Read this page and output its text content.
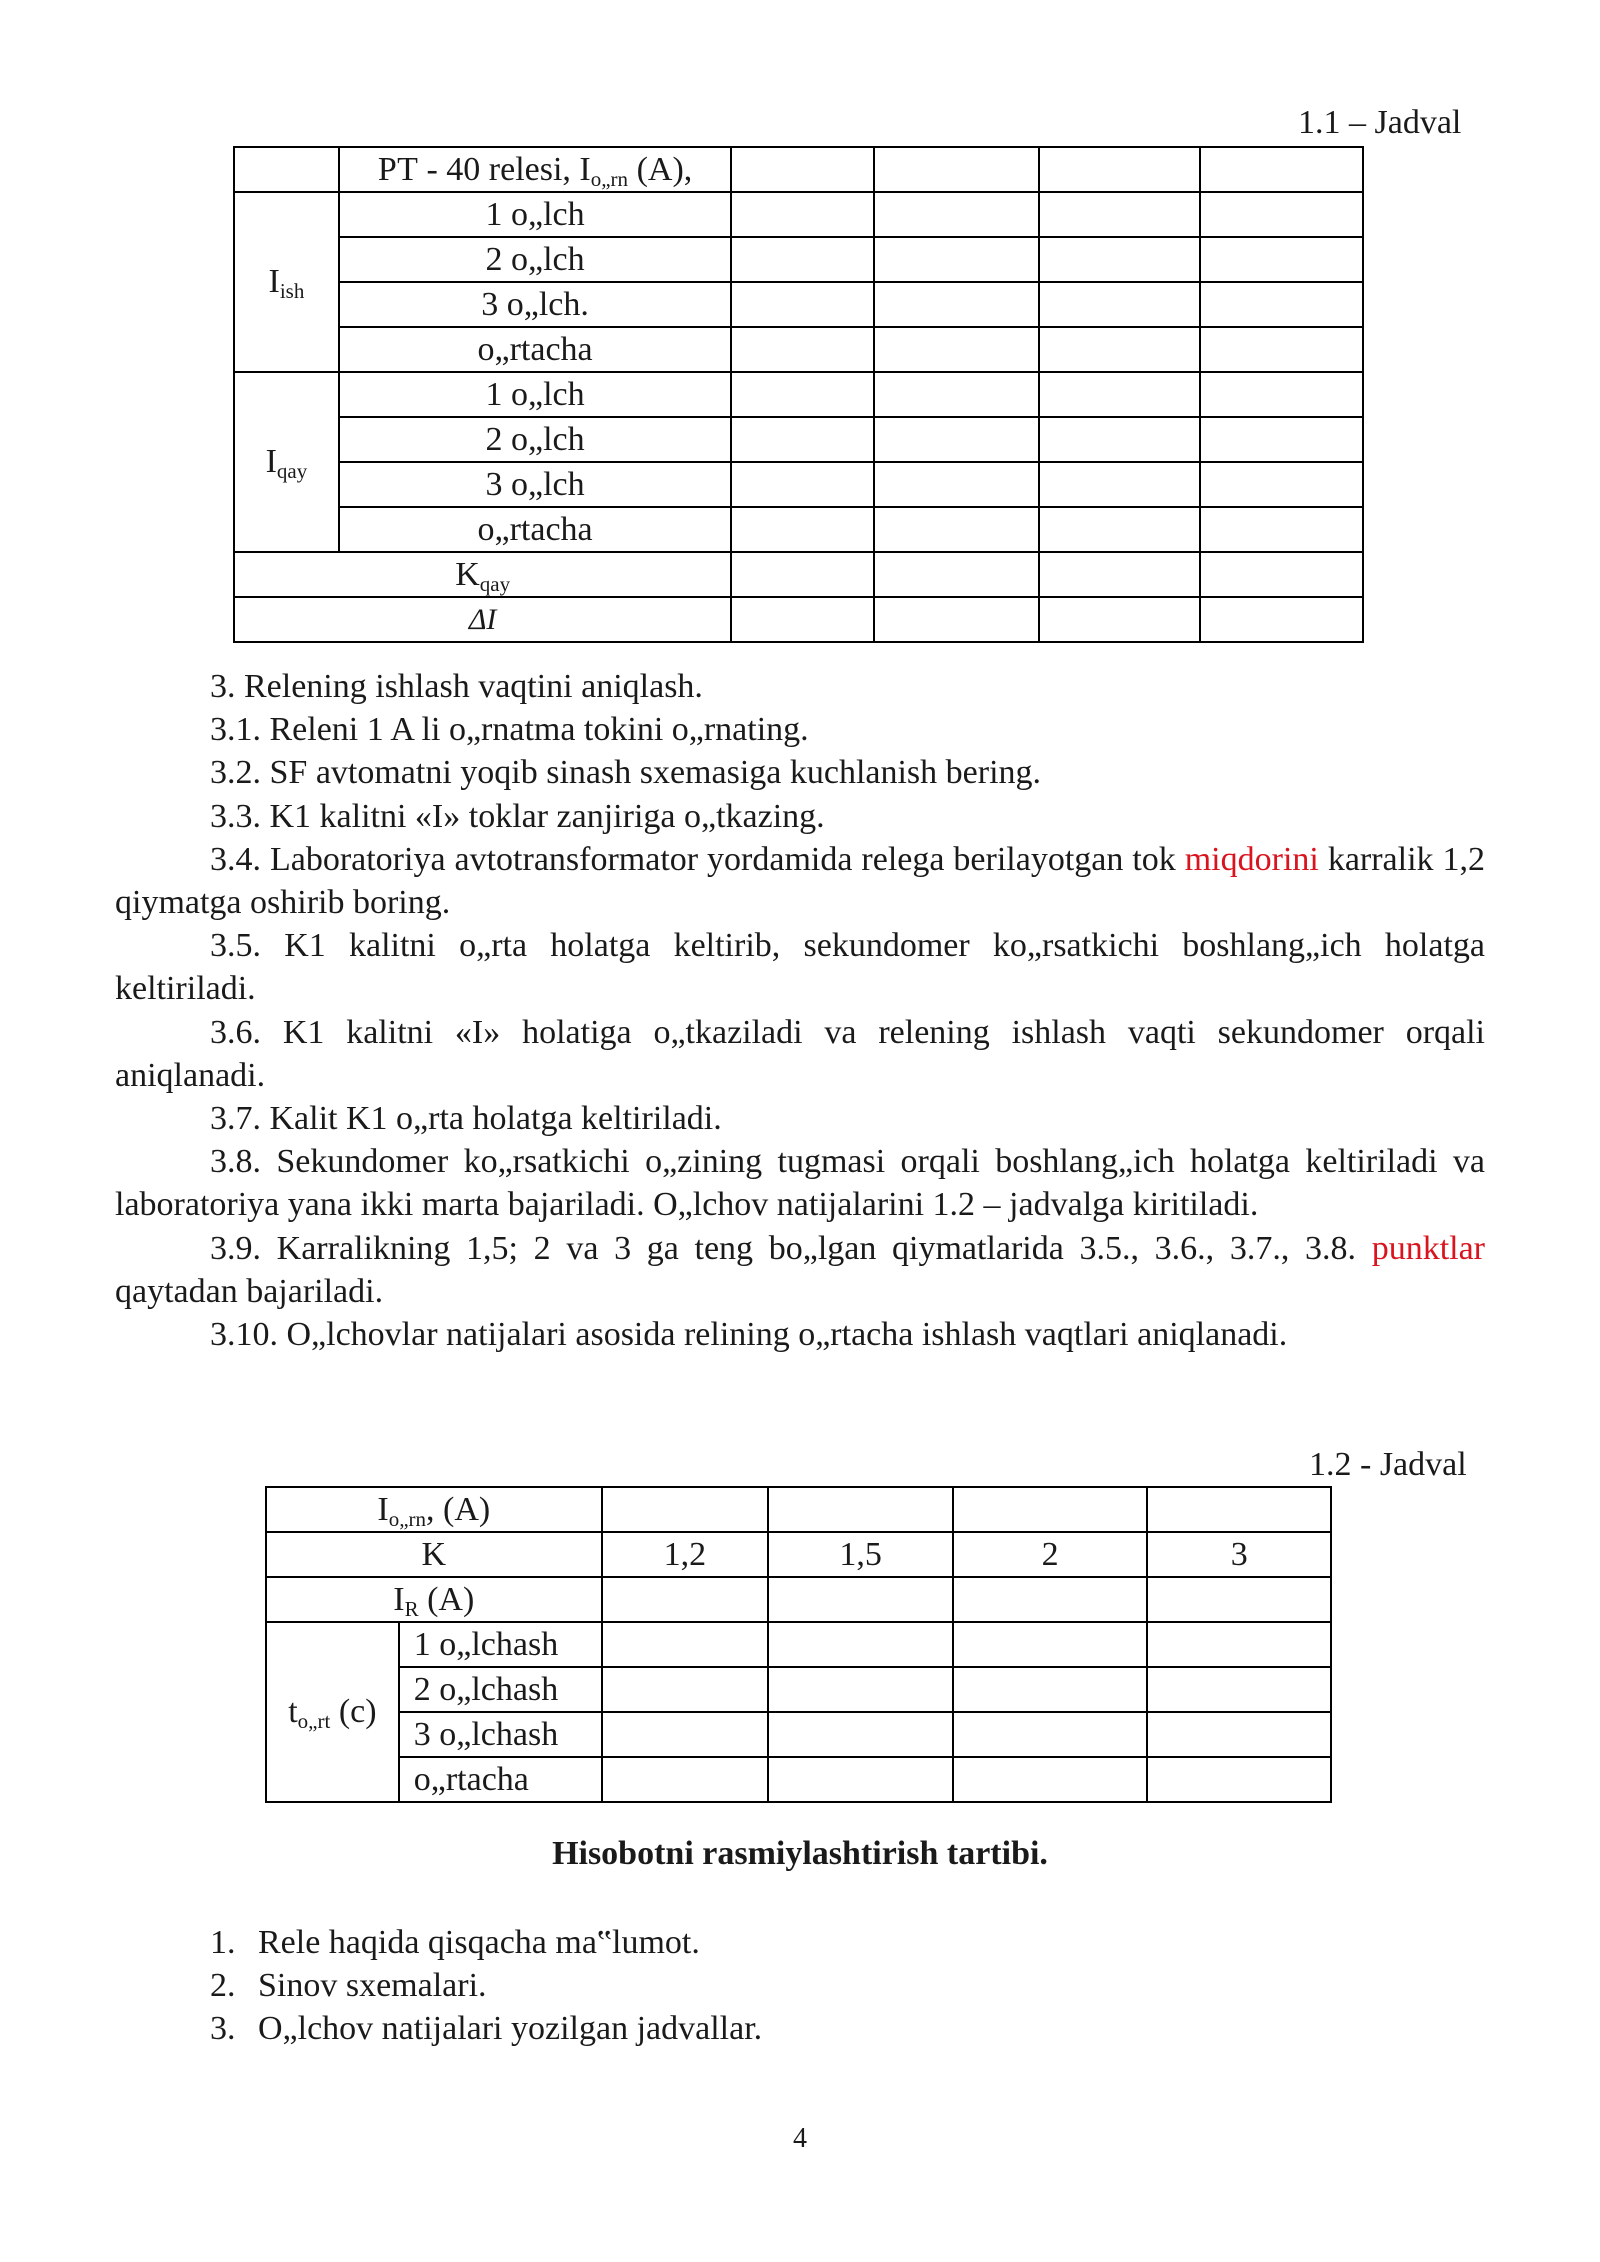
1.1 – Jadval
	РТ - 40 relesi, $I_{o„rn}$ (A),				
$I_{ish}$	1 o„lch				
	2 o„lch				
	3 o„lch.				
	o„rtacha				
$I_{qay}$	1 o„lch				
	2 o„lch				
	3 o„lch				
	o„rtacha				
$K_{qay}$				
ΔI					

3. Relening ishlash vaqtini aniqlash.

3.1. Releni 1 A li o„rnatma tokini o„rnating.

3.2. SF avtomatni yoqib sinash sxemasiga kuchlanish bering.

3.3. K1 kalitni «I» toklar zanjiriga o„tkazing.

3.4. Laboratoriya avtotransformator yordamida relega berilayotgan tok miqdorini karralik 1,2 qiymatga oshirib boring.

3.5. K1 kalitni o„rta holatga keltirib, sekundomer ko„rsatkichi boshlang„ich holatga keltiriladi.

3.6. K1 kalitni «I» holatiga o„tkaziladi va relening ishlash vaqti sekundomer orqali aniqlanadi.

3.7. Kalit K1 o„rta holatga keltiriladi.

3.8. Sekundomer ko„rsatkichi o„zining tugmasi orqali boshlang„ich holatga keltiriladi va laboratoriya yana ikki marta bajariladi. O„lchov natijalarini 1.2 – jadvalga kiritiladi.

3.9. Karralikning 1,5; 2 va 3 ga teng bo„lgan qiymatlarida 3.5., 3.6., 3.7., 3.8. punktlar qaytadan bajariladi.

3.10. O„lchovlar natijalari asosida relining o„rtacha ishlash vaqtlari aniqlanadi.

1.2 - Jadval
$I_{o„rn}$, (A)					
K		1,2	1,5	2	3
$I_R$ (A)					
$t_{o„rt}$ (c)	1 o„lchash				
	2 o„lchash				
	3 o„lchash				
	o„rtacha				
Hisobotni rasmiylashtirish tartibi.
1. Rele haqida qisqacha ma‟lumot.
2. Sinov sxemalari.
3. O„lchov natijalari yozilgan jadvallar.
4
